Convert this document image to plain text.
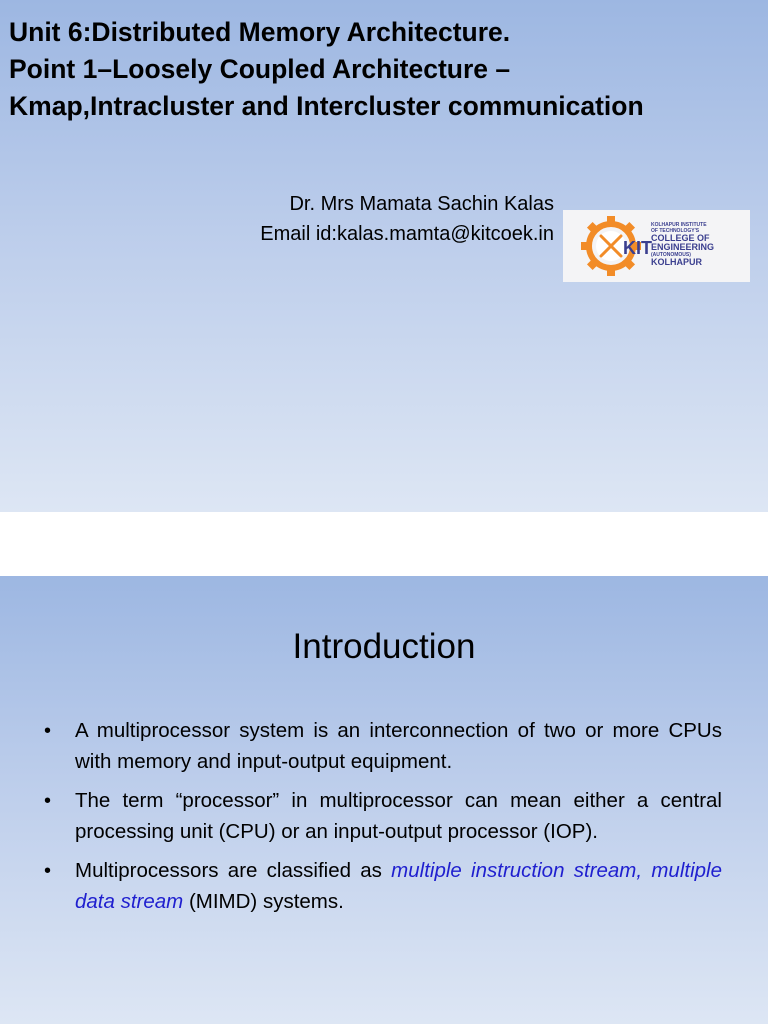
Unit 6:Distributed Memory Architecture.
Point 1–Loosely Coupled Architecture –
Kmap,Intracluster and Intercluster communication
Dr. Mrs Mamata Sachin Kalas
Email id:kalas.mamta@kitcoek.in
KIT
KOLHAPUR INSTITUTE
OF TECHNOLOGY'S
COLLEGE OF
ENGINEERING
(AUTONOMOUS)
KOLHAPUR
Introduction
• A multiprocessor system is an interconnection of two or more CPUs with memory and input-output equipment.
• The term “processor” in multiprocessor can mean either a central processing unit (CPU) or an input-output processor (IOP).
• Multiprocessors are classified as multiple instruction stream, multiple data stream (MIMD) systems.
